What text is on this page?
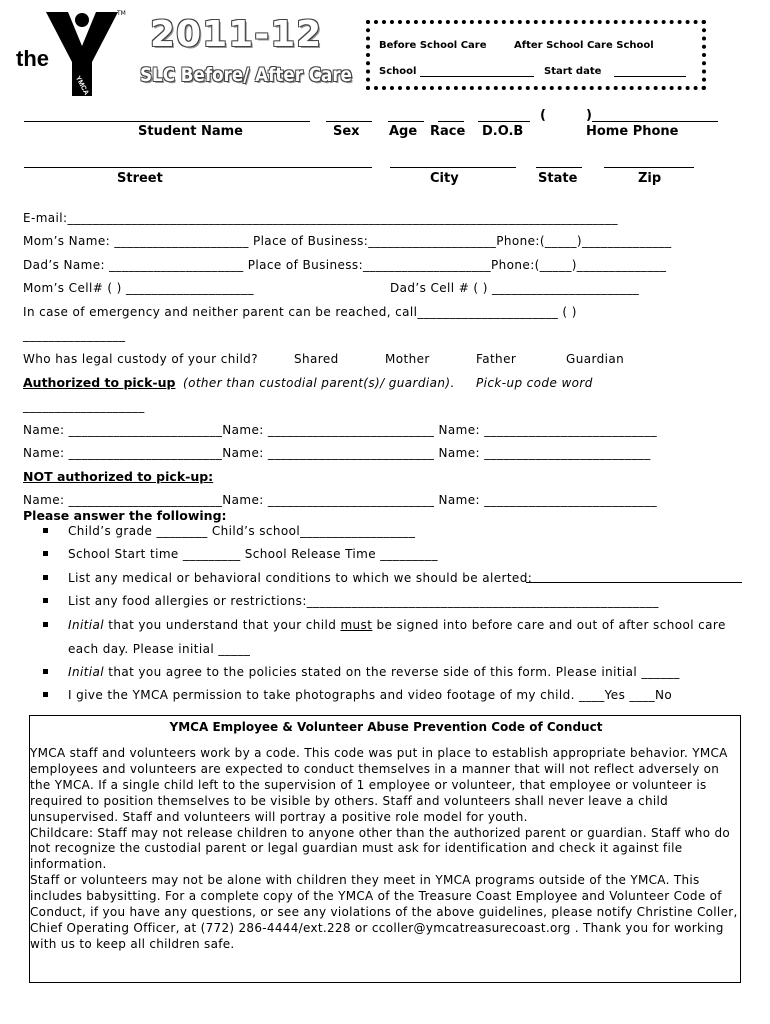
the
TM
YMCA
2011-12
SLC Before/ After Care
Before School Care	After School Care School
School	Start date
(	)
Student Name	Sex Age Race D.O.B	Home Phone
Street	City	State	Zip
E-mail:______________________________________________________________________________________
Mom’s Name: _____________________ Place of Business:____________________Phone:(_____)______________
Dad’s Name: _____________________ Place of Business:____________________Phone:(_____)______________
Mom’s Cell# ( ) ____________________	Dad’s Cell # ( ) _______________________
In case of emergency and neither parent can be reached, call______________________ ( )
________________
Who has legal custody of your child?	Shared	Mother	Father	Guardian
Authorized to pick-up (other than custodial parent(s)/ guardian). Pick-up code word
___________________
Name: ________________________Name: __________________________ Name: ___________________________
Name: ________________________Name: __________________________ Name: __________________________
NOT authorized to pick-up:
Name: ________________________Name: __________________________ Name: ___________________________
Please answer the following:
Child’s grade ________ Child’s school__________________
School Start time _________ School Release Time _________
List any medical or behavioral conditions to which we should be alerted:
List any food allergies or restrictions:_______________________________________________________
Initial that you understand that your child must be signed into before care and out of after school care
each day. Please initial _____
Initial that you agree to the policies stated on the reverse side of this form. Please initial ______
I give the YMCA permission to take photographs and video footage of my child. ____Yes ____No
YMCA Employee & Volunteer Abuse Prevention Code of Conduct

YMCA staff and volunteers work by a code. This code was put in place to establish appropriate behavior. YMCA employees and volunteers are expected to conduct themselves in a manner that will not reflect adversely on the YMCA. If a single child left to the supervision of 1 employee or volunteer, that employee or volunteer is required to position themselves to be visible by others. Staff and volunteers shall never leave a child unsupervised. Staff and volunteers will portray a positive role model for youth.

Childcare: Staff may not release children to anyone other than the authorized parent or guardian. Staff who do not recognize the custodial parent or legal guardian must ask for identification and check it against file information.

Staff or volunteers may not be alone with children they meet in YMCA programs outside of the YMCA. This includes babysitting. For a complete copy of the YMCA of the Treasure Coast Employee and Volunteer Code of Conduct, if you have any questions, or see any violations of the above guidelines, please notify Christine Coller, Chief Operating Officer, at (772) 286-4444/ext.228 or ccoller@ymcatreasurecoast.org . Thank you for working with us to keep all children safe.
